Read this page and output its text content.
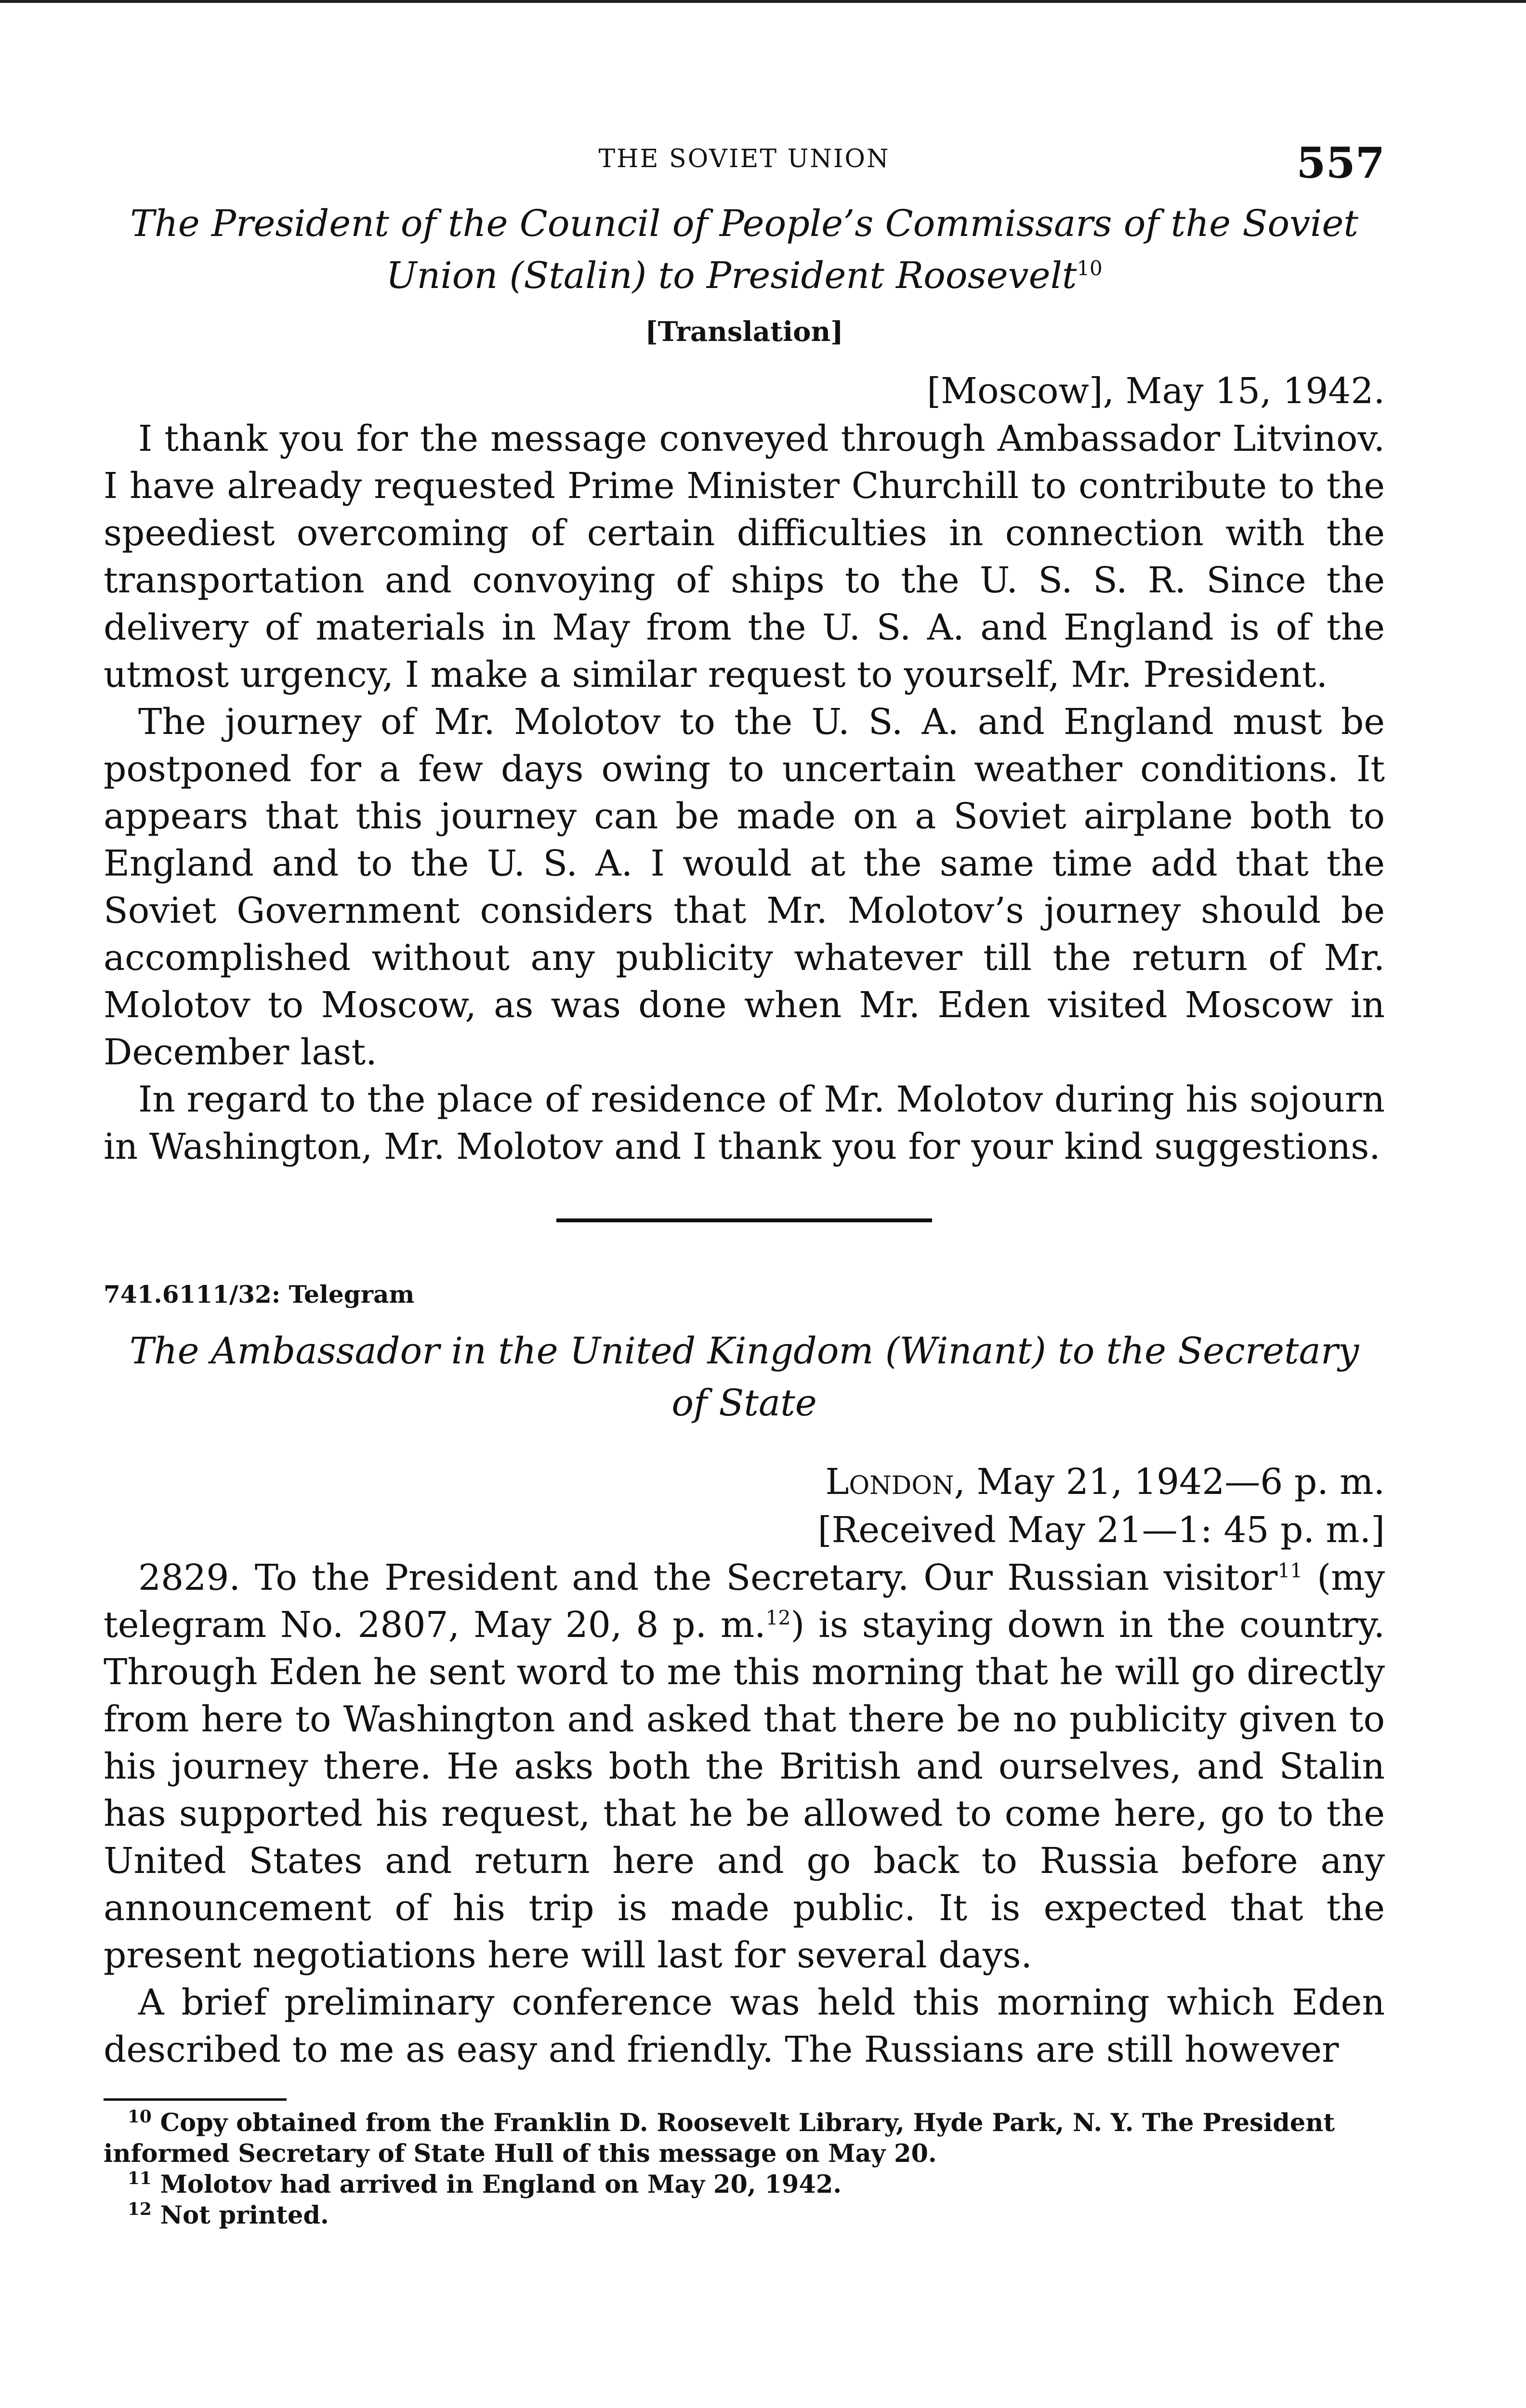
THE SOVIET UNION	557
The President of the Council of People’s Commissars of the Soviet Union (Stalin) to President Roosevelt$^{10}$
[Translation]
[Moscow], May 15, 1942.

I thank you for the message conveyed through Ambassador Litvinov. I have already requested Prime Minister Churchill to contribute to the speediest overcoming of certain difficulties in connection with the transportation and convoying of ships to the U. S. S. R. Since the delivery of materials in May from the U. S. A. and England is of the utmost urgency, I make a similar request to yourself, Mr. President.

The journey of Mr. Molotov to the U. S. A. and England must be postponed for a few days owing to uncertain weather conditions. It appears that this journey can be made on a Soviet airplane both to England and to the U. S. A. I would at the same time add that the Soviet Government considers that Mr. Molotov’s journey should be accomplished without any publicity whatever till the return of Mr. Molotov to Moscow, as was done when Mr. Eden visited Moscow in December last.

In regard to the place of residence of Mr. Molotov during his sojourn in Washington, Mr. Molotov and I thank you for your kind suggestions.

741.6111/32: Telegram
The Ambassador in the United Kingdom (Winant) to the Secretary of State
London, May 21, 1942—6 p. m.
[Received May 21—1: 45 p. m.]

2829. To the President and the Secretary. Our Russian visitor$^{11}$ (my telegram No. 2807, May 20, 8 p. m.$^{12}$) is staying down in the country. Through Eden he sent word to me this morning that he will go directly from here to Washington and asked that there be no publicity given to his journey there. He asks both the British and ourselves, and Stalin has supported his request, that he be allowed to come here, go to the United States and return here and go back to Russia before any announcement of his trip is made public. It is expected that the present negotiations here will last for several days.

A brief preliminary conference was held this morning which Eden described to me as easy and friendly. The Russians are still however

$^{10}$ Copy obtained from the Franklin D. Roosevelt Library, Hyde Park, N. Y. The President informed Secretary of State Hull of this message on May 20.

$^{11}$ Molotov had arrived in England on May 20, 1942.

$^{12}$ Not printed.
